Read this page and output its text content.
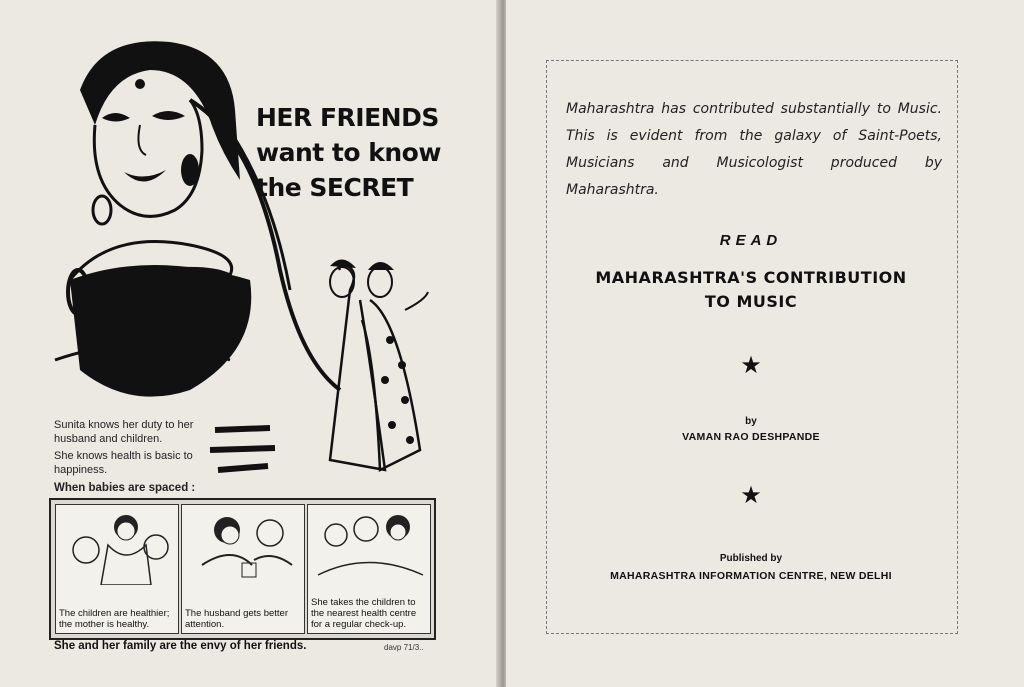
HER FRIENDS
want to know
the SECRET
Sunita knows her duty to her husband and children.
She knows health is basic to happiness.
When babies are spaced :
The children are healthier; the mother is healthy.
The husband gets better attention.
She takes the children to the nearest health centre for a regular check-up.
She and her family are the envy of her friends.	davp 71/3..
Maharashtra has contributed substantially to Music. This is evident from the galaxy of Saint-Poets, Musicians and Musicologist produced by Maharashtra.
READ
MAHARASHTRA'S CONTRIBUTION
TO MUSIC
★
by
VAMAN RAO DESHPANDE
★
Published by
MAHARASHTRA INFORMATION CENTRE, NEW DELHI
